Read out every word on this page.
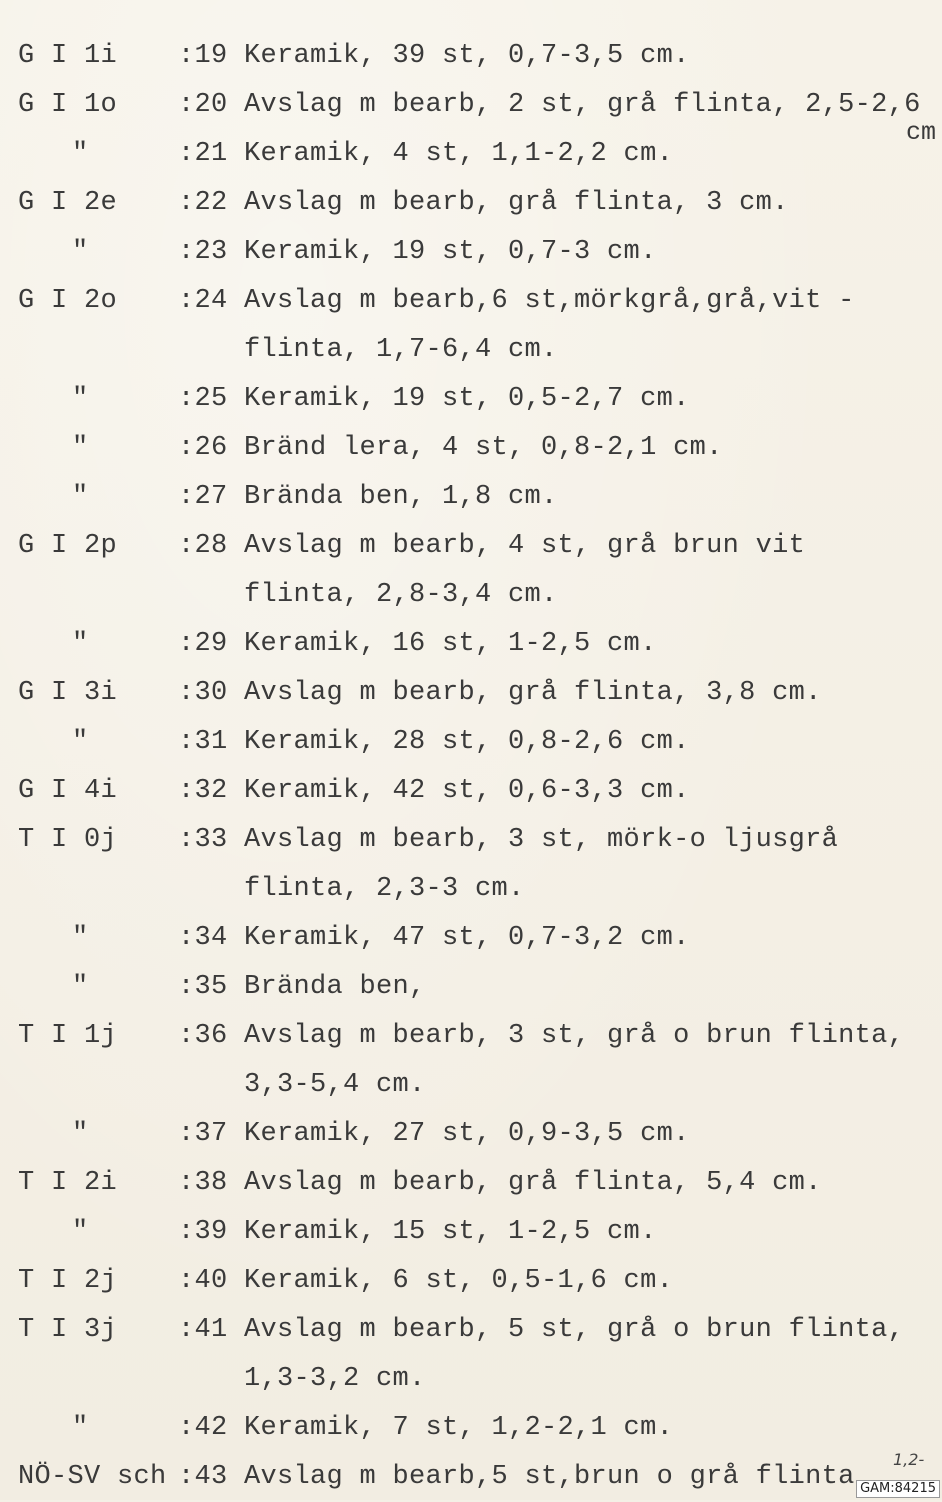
G I 1i :19 Keramik, 39 st, 0,7-3,5 cm.
G I 1o :20 Avslag m bearb, 2 st, grå flinta, 2,5-2,6
"	:21 Keramik, 4 st, 1,1-2,2 cm.
G I 2e :22 Avslag m bearb, grå flinta, 3 cm.
"	:23 Keramik, 19 st, 0,7-3 cm.
G I 2o :24 Avslag m bearb,6 st,mörkgrå,grå,vit -
flinta, 1,7-6,4 cm.
"	:25 Keramik, 19 st, 0,5-2,7 cm.
"	:26 Bränd lera, 4 st, 0,8-2,1 cm.
"	:27 Brända ben, 1,8 cm.
G I 2p :28 Avslag m bearb, 4 st, grå brun vit
flinta, 2,8-3,4 cm.
"	:29 Keramik, 16 st, 1-2,5 cm.
G I 3i :30 Avslag m bearb, grå flinta, 3,8 cm.
"	:31 Keramik, 28 st, 0,8-2,6 cm.
G I 4i :32 Keramik, 42 st, 0,6-3,3 cm.
T I 0j :33 Avslag m bearb, 3 st, mörk-o ljusgrå
flinta, 2,3-3 cm.
"	:34 Keramik, 47 st, 0,7-3,2 cm.
"	:35 Brända ben,
T I 1j :36 Avslag m bearb, 3 st, grå o brun flinta,
3,3-5,4 cm.
"	:37 Keramik, 27 st, 0,9-3,5 cm.
T I 2i :38 Avslag m bearb, grå flinta, 5,4 cm.
"	:39 Keramik, 15 st, 1-2,5 cm.
T I 2j :40 Keramik, 6 st, 0,5-1,6 cm.
T I 3j :41 Avslag m bearb, 5 st, grå o brun flinta,
1,3-3,2 cm.
"	:42 Keramik, 7 st, 1,2-2,1 cm.
NÖ-SV sch :43 Avslag m bearb,5 st,brun o grå flinta
cm
1,2-
GAM:84215
